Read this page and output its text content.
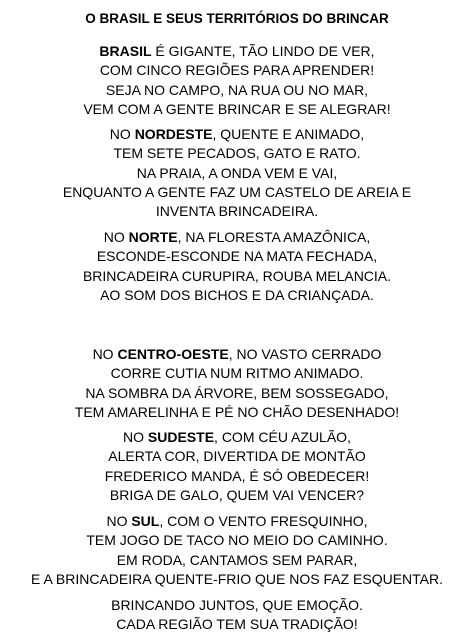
O BRASIL E SEUS TERRITÓRIOS DO BRINCAR
BRASIL É GIGANTE, TÃO LINDO DE VER,
COM CINCO REGIÕES PARA APRENDER!
SEJA NO CAMPO, NA RUA OU NO MAR,
VEM COM A GENTE BRINCAR E SE ALEGRAR!
NO NORDESTE, QUENTE E ANIMADO,
TEM SETE PECADOS, GATO E RATO.
NA PRAIA, A ONDA VEM E VAI,
ENQUANTO A GENTE FAZ UM CASTELO DE AREIA E
INVENTA BRINCADEIRA.
NO NORTE, NA FLORESTA AMAZÔNICA,
ESCONDE-ESCONDE NA MATA FECHADA,
BRINCADEIRA CURUPIRA, ROUBA MELANCIA.
AO SOM DOS BICHOS E DA CRIANÇADA.
NO CENTRO-OESTE, NO VASTO CERRADO
CORRE CUTIA NUM RITMO ANIMADO.
NA SOMBRA DA ÁRVORE, BEM SOSSEGADO,
TEM AMARELINHA E PÉ NO CHÃO DESENHADO!
NO SUDESTE, COM CÉU AZULÃO,
ALERTA COR, DIVERTIDA DE MONTÃO
FREDERICO MANDA, É SÓ OBEDECER!
BRIGA DE GALO, QUEM VAI VENCER?
NO SUL, COM O VENTO FRESQUINHO,
TEM JOGO DE TACO NO MEIO DO CAMINHO.
EM RODA, CANTAMOS SEM PARAR,
E A BRINCADEIRA QUENTE-FRIO QUE NOS FAZ ESQUENTAR.
BRINCANDO JUNTOS, QUE EMOÇÃO.
CADA REGIÃO TEM SUA TRADIÇÃO!
